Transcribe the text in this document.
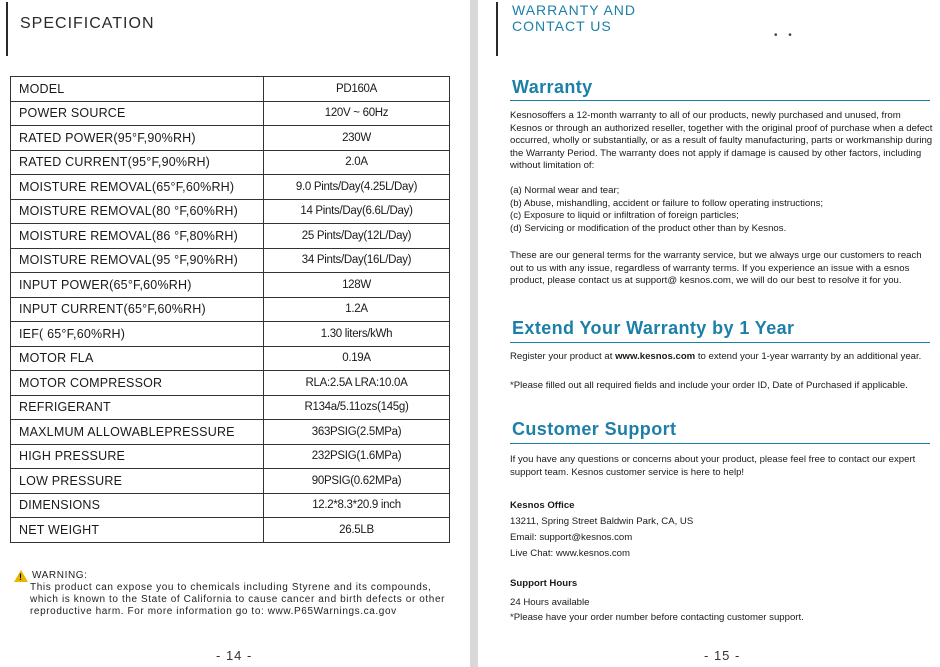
SPECIFICATION
MODEL	PD160A
POWER SOURCE	120V ~ 60Hz
RATED POWER(95°F,90%RH)	230W
RATED CURRENT(95°F,90%RH)	2.0A
MOISTURE REMOVAL(65°F,60%RH)	9.0 Pints/Day(4.25L/Day)
MOISTURE REMOVAL(80 °F,60%RH)	14 Pints/Day(6.6L/Day)
MOISTURE REMOVAL(86 °F,80%RH)	25 Pints/Day(12L/Day)
MOISTURE REMOVAL(95 °F,90%RH)	34 Pints/Day(16L/Day)
INPUT POWER(65°F,60%RH)	128W
INPUT CURRENT(65°F,60%RH)	1.2A
IEF( 65°F,60%RH)	1.30 liters/kWh
MOTOR FLA	0.19A
MOTOR COMPRESSOR	RLA:2.5A LRA:10.0A
REFRIGERANT	R134a/5.11ozs(145g)
MAXLMUM ALLOWABLEPRESSURE	363PSIG(2.5MPa)
HIGH PRESSURE	232PSIG(1.6MPa)
LOW PRESSURE	90PSIG(0.62MPa)
DIMENSIONS	12.2*8.3*20.9 inch
NET WEIGHT	26.5LB
! WARNING:
This product can expose you to chemicals including Styrene and its compounds, which is known to the State of California to cause cancer and birth defects or other reproductive harm. For more information go to: www.P65Warnings.ca.gov
- 14 -
WARRANTY AND
CONTACT US
• •
Warranty
Kesnosoffers a 12-month warranty to all of our products, newly purchased and unused, from Kesnos or through an authorized reseller, together with the original proof of purchase when a defect occurred, wholly or substantially, or as a result of faulty manufacturing, parts or workmanship during the Warranty Period. The warranty does not apply if damage is caused by other factors, including without limitation of:
(a) Normal wear and tear;
(b) Abuse, mishandling, accident or failure to follow operating instructions;
(c) Exposure to liquid or infiltration of foreign particles;
(d) Servicing or modification of the product other than by Kesnos.
These are our general terms for the warranty service, but we always urge our customers to reach out to us with any issue, regardless of warranty terms. If you experience an issue with a esnos product, please contact us at support@ kesnos.com, we will do our best to resolve it for you.
Extend Your Warranty by 1 Year
Register your product at www.kesnos.com to extend your 1-year warranty by an additional year.
*Please filled out all required fields and include your order ID, Date of Purchased if applicable.
Customer Support
If you have any questions or concerns about your product, please feel free to contact our expert support team. Kesnos customer service is here to help!
Kesnos Office
13211, Spring Street Baldwin Park, CA, US
Email: support@kesnos.com
Live Chat: www.kesnos.com
Support Hours
24 Hours available
*Please have your order number before contacting customer support.
- 15 -
